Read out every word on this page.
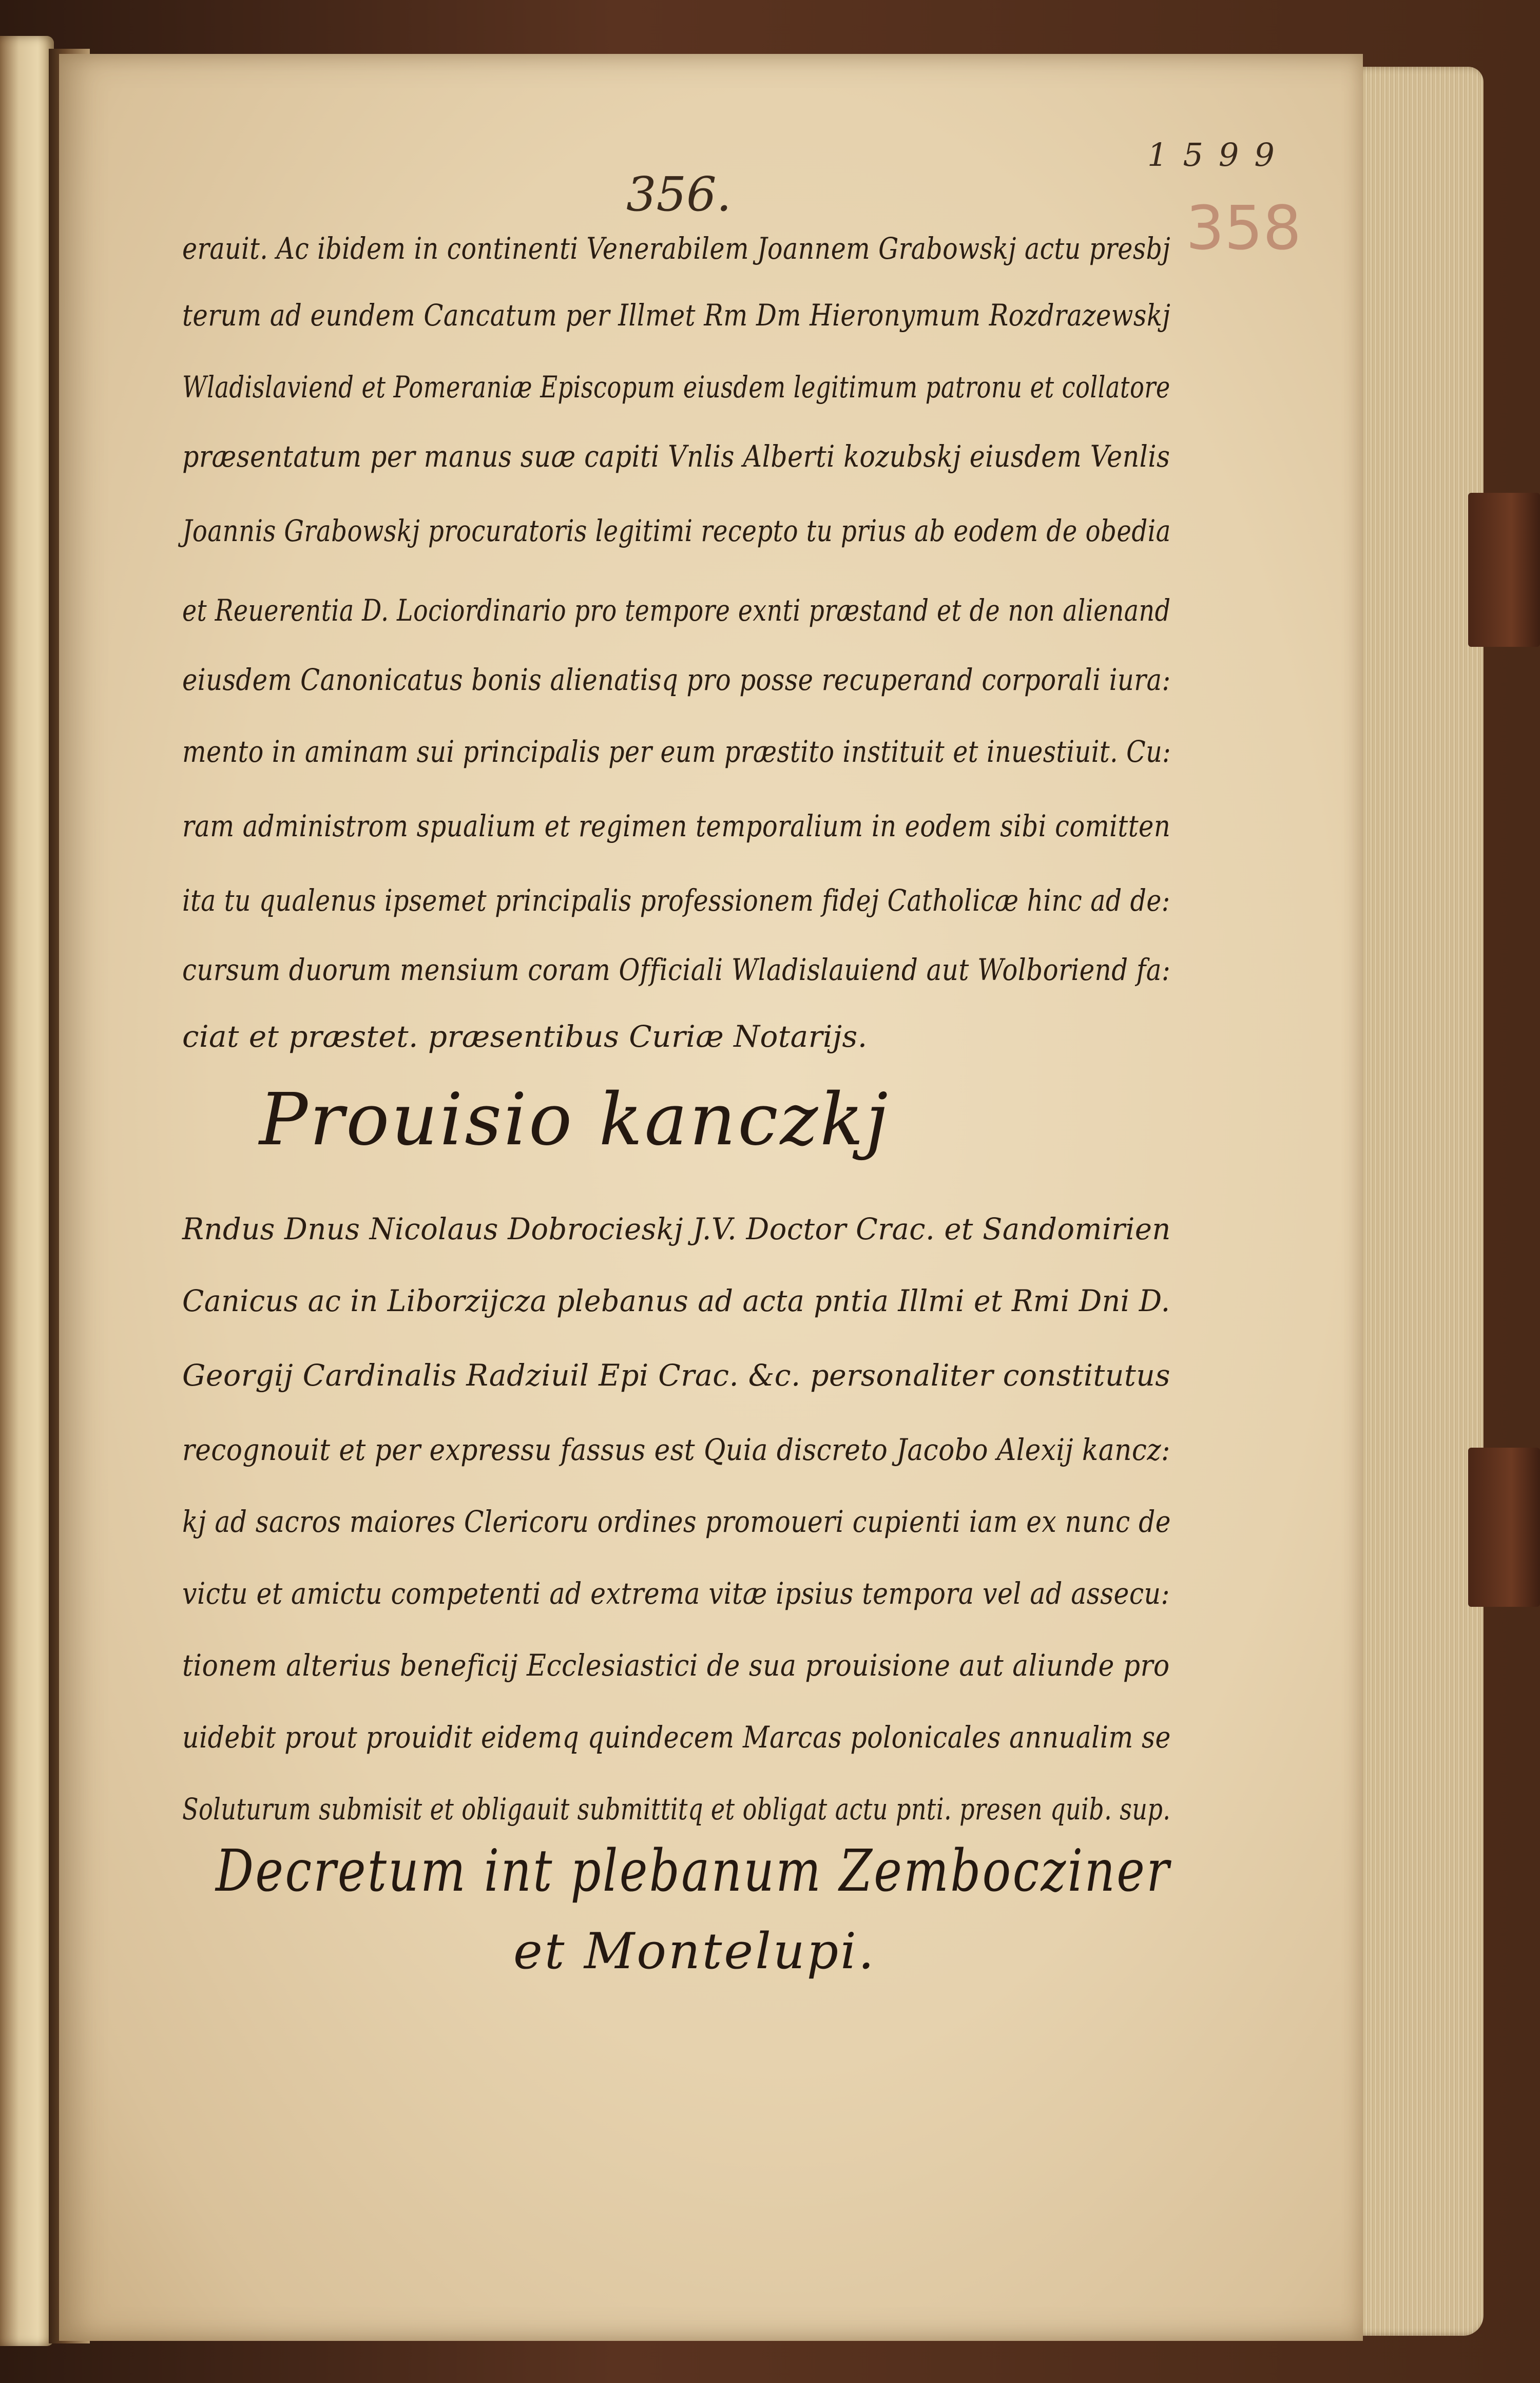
1599
358
356.
erauit. Ac ibidem in continenti Venerabilem Joannem Grabowskj actu presbj
terum ad eundem Cancatum per Illmet Rm Dm Hieronymum Rozdrazewskj
Wladislaviend et Pomeraniæ Episcopum eiusdem legitimum patronu et collatore
præsentatum per manus suæ capiti Vnlis Alberti kozubskj eiusdem Venlis
Joannis Grabowskj procuratoris legitimi recepto tu prius ab eodem de obedia
et Reuerentia D. Lociordinario pro tempore exnti præstand et de non alienand
eiusdem Canonicatus bonis alienatisq pro posse recuperand corporali iura:
mento in aminam sui principalis per eum præstito instituit et inuestiuit. Cu:
ram administrom spualium et regimen temporalium in eodem sibi comitten
ita tu qualenus ipsemet principalis professionem fidej Catholicæ hinc ad de:
cursum duorum mensium coram Officiali Wladislauiend aut Wolboriend fa:
ciat et præstet. præsentibus Curiæ Notarijs.
Prouisio kanczkj
Rndus Dnus Nicolaus Dobrocieskj J.V. Doctor Crac. et Sandomirien
Canicus ac in Liborzijcza plebanus ad acta pntia Illmi et Rmi Dni D.
Georgij Cardinalis Radziuil Epi Crac. &c. personaliter constitutus
recognouit et per expressu fassus est Quia discreto Jacobo Alexij kancz:
kj ad sacros maiores Clericoru ordines promoueri cupienti iam ex nunc de
victu et amictu competenti ad extrema vitæ ipsius tempora vel ad assecu:
tionem alterius beneficij Ecclesiastici de sua prouisione aut aliunde pro
uidebit prout prouidit eidemq quindecem Marcas polonicales annualim se
Soluturum submisit et obligauit submittitq et obligat actu pnti. presen quib. sup.
Decretum int plebanum Zembocziner
et Montelupi.
